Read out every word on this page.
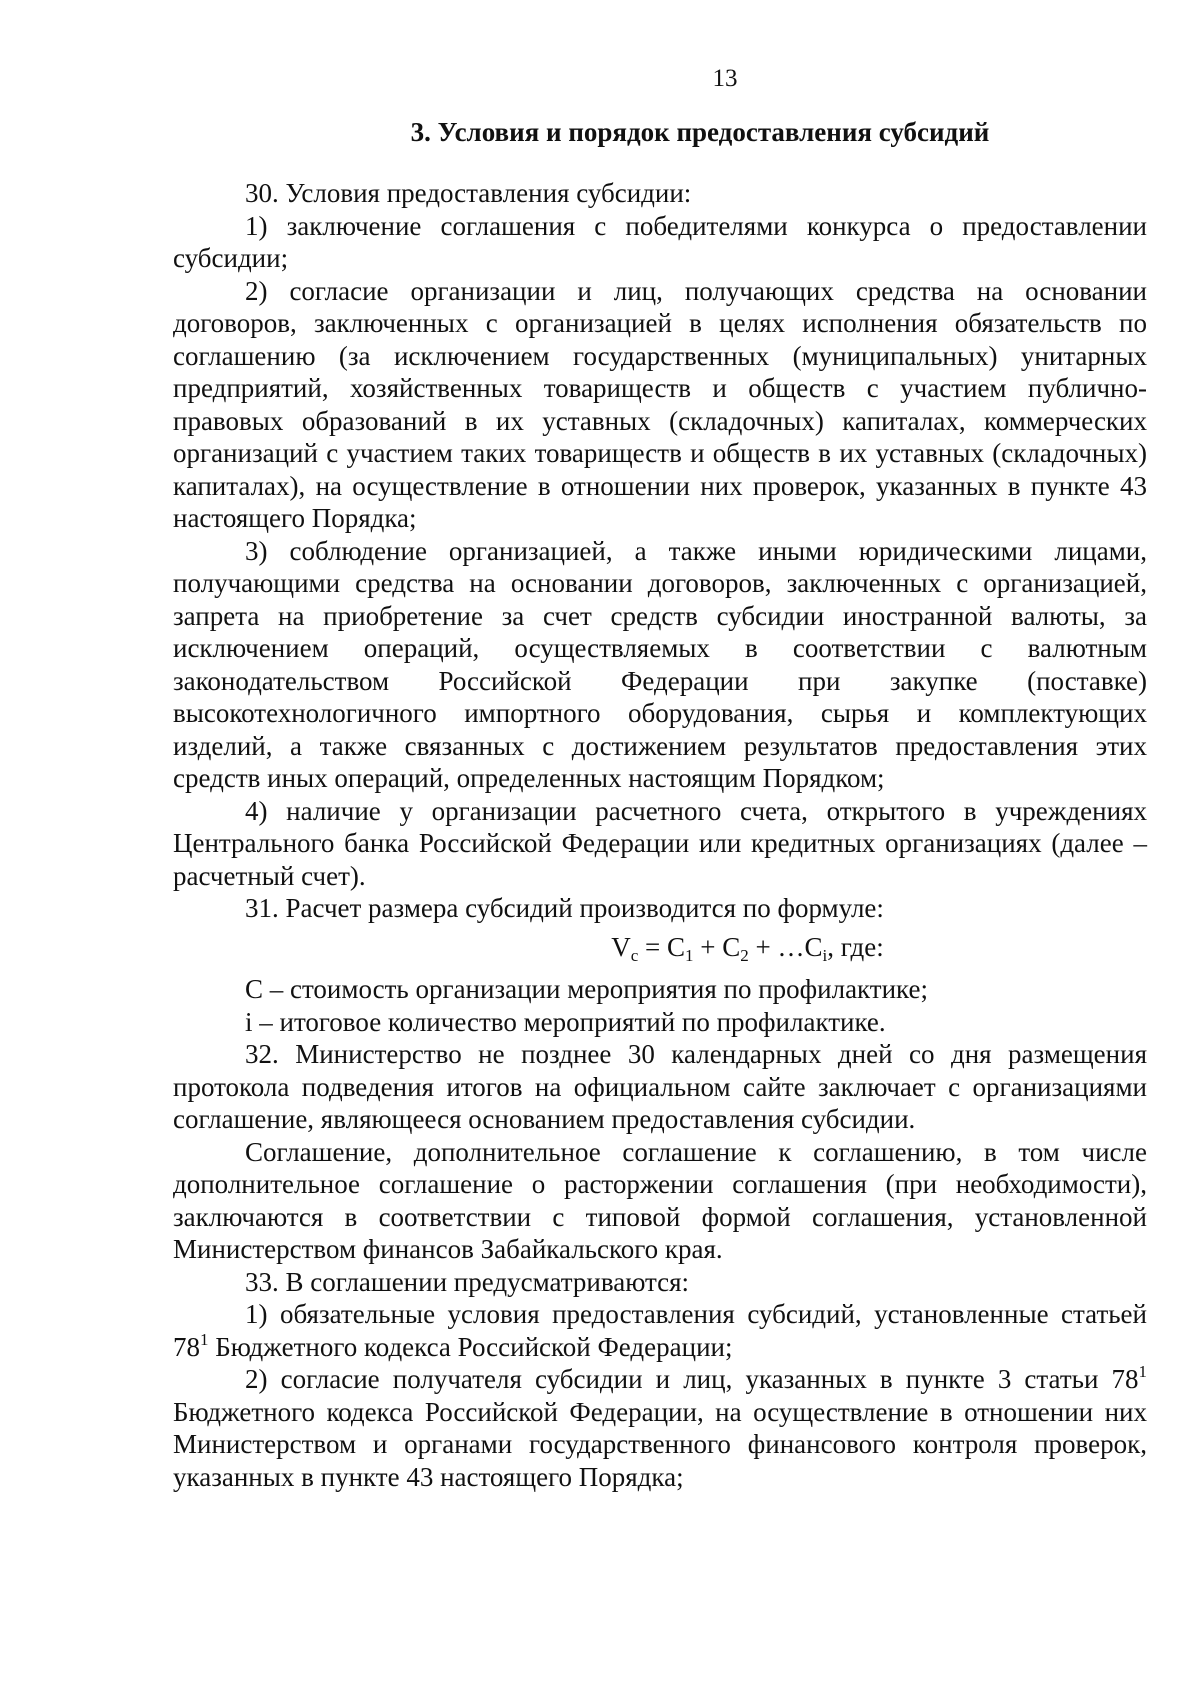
13
3. Условия и порядок предоставления субсидий

30. Условия предоставления субсидии:

1) заключение соглашения с победителями конкурса о предоставлении субсидии;

2) согласие организации и лиц, получающих средства на основании договоров, заключенных с организацией в целях исполнения обязательств по соглашению (за исключением государственных (муниципальных) унитарных предприятий, хозяйственных товариществ и обществ с участием публично-правовых образований в их уставных (складочных) капиталах, коммерческих организаций с участием таких товариществ и обществ в их уставных (складочных) капиталах), на осуществление в отношении них проверок, указанных в пункте 43 настоящего Порядка;

3) соблюдение организацией, а также иными юридическими лицами, получающими средства на основании договоров, заключенных с организацией, запрета на приобретение за счет средств субсидии иностранной валюты, за исключением операций, осуществляемых в соответствии с валютным законодательством Российской Федерации при закупке (поставке) высокотехнологичного импортного оборудования, сырья и комплектующих изделий, а также связанных с достижением результатов предоставления этих средств иных операций, определенных настоящим Порядком;

4) наличие у организации расчетного счета, открытого в учреждениях Центрального банка Российской Федерации или кредитных организациях (далее – расчетный счет).

31. Расчет размера субсидий производится по формуле:

$V_c = C_1 + C_2$ + $\dots C_i$, где:

С – стоимость организации мероприятия по профилактике;

i – итоговое количество мероприятий по профилактике.

32. Министерство не позднее 30 календарных дней со дня размещения протокола подведения итогов на официальном сайте заключает с организациями соглашение, являющееся основанием предоставления субсидии.

Соглашение, дополнительное соглашение к соглашению, в том числе дополнительное соглашение о расторжении соглашения (при необходимости), заключаются в соответствии с типовой формой соглашения, установленной Министерством финансов Забайкальского края.

33. В соглашении предусматриваются:

1) обязательные условия предоставления субсидий, установленные статьей $78^1$ Бюджетного кодекса Российской Федерации;

2) согласие получателя субсидии и лиц, указанных в пункте 3 статьи $78^1$ Бюджетного кодекса Российской Федерации, на осуществление в отношении них Министерством и органами государственного финансового контроля проверок, указанных в пункте 43 настоящего Порядка;
